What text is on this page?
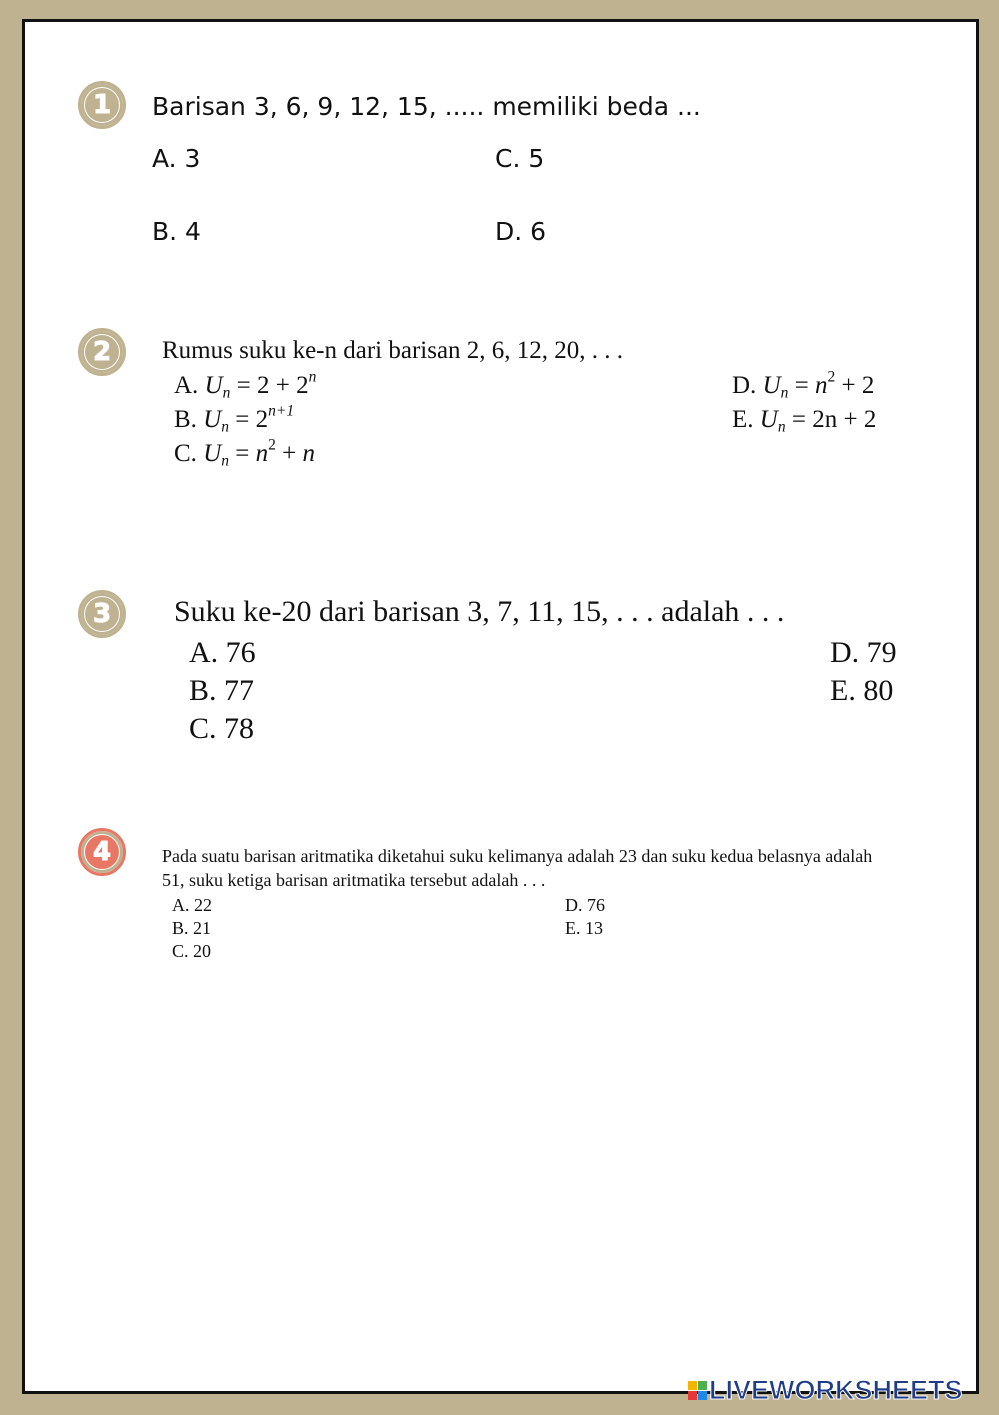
1	Barisan 3, 6, 9, 12, 15, ..... memiliki beda ...
A. 3	C. 5
B. 4	D. 6
2	Rumus suku ke-n dari barisan 2, 6, 12, 20, . . .
A. $U_n = 2 + 2^n$
B. $U_n = 2^{n+1}$
C. $U_n = n^2 + n$
D. $U_n = n^2 + 2$
E. $U_n = 2n + 2$
3 Suku ke-20 dari barisan 3, 7, 11, 15, . . . adalah . . .
A. 76
B. 77
C. 78
D. 79
E. 80
4	Pada suatu barisan aritmatika diketahui suku kelimanya adalah 23 dan suku kedua belasnya adalah
51, suku ketiga barisan aritmatika tersebut adalah . . .
A. 22
B. 21
C. 20
D. 76
E. 13
LIVEWORKSHEETS
